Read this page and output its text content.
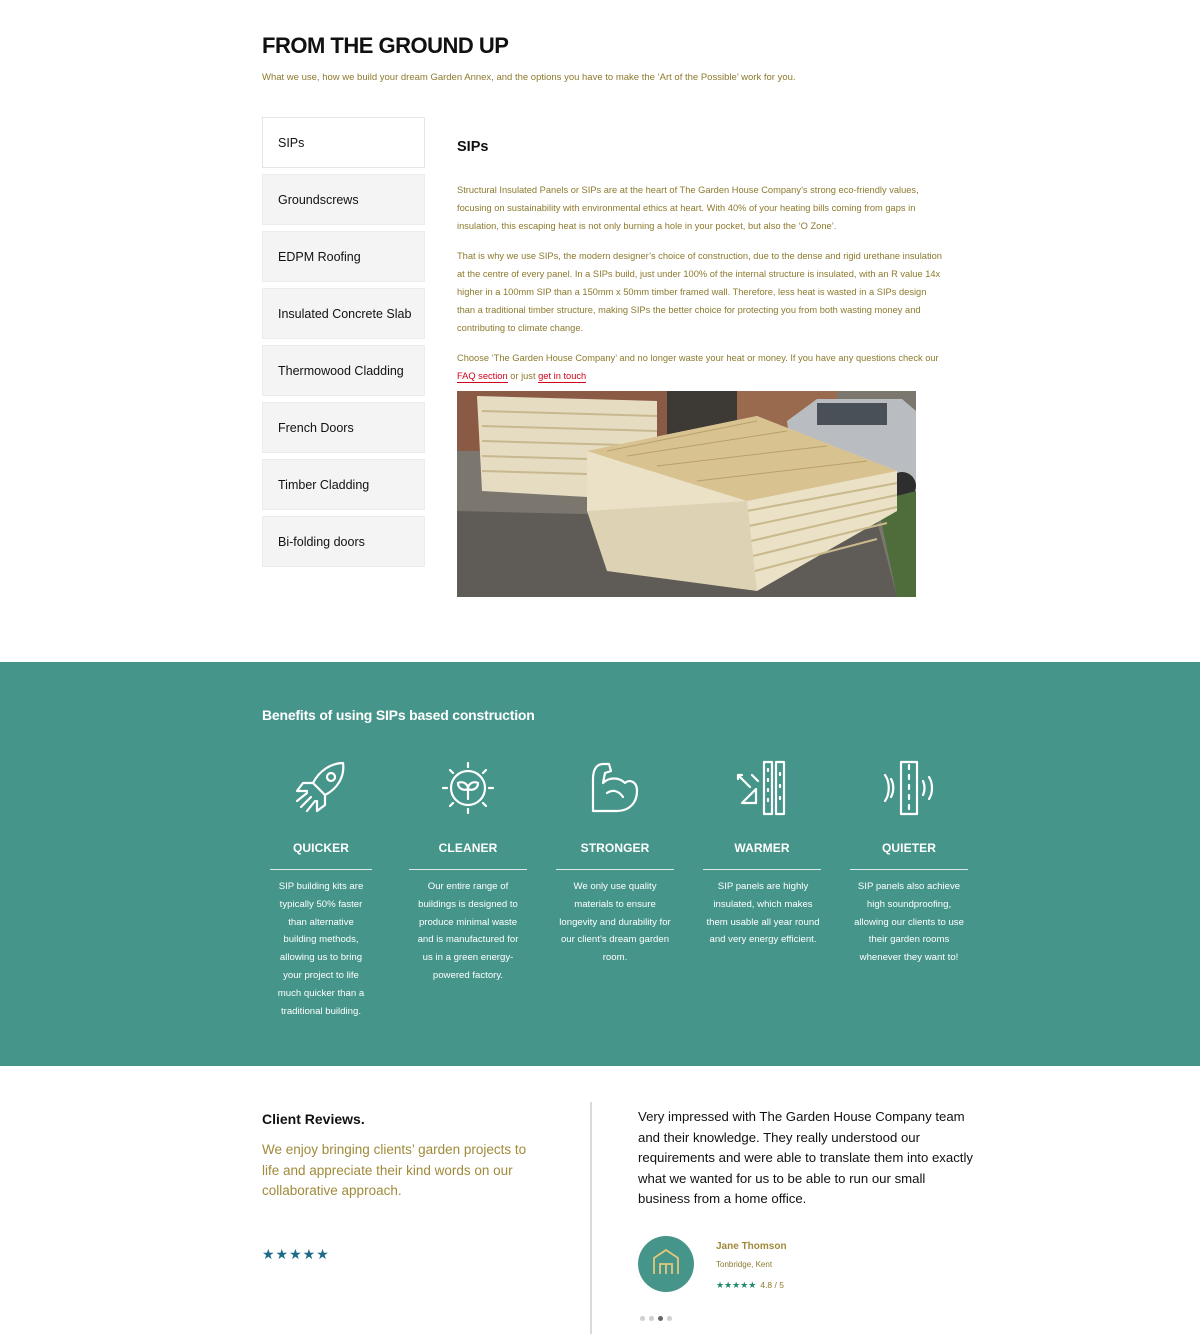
FROM THE GROUND UP
What we use, how we build your dream Garden Annex, and the options you have to make the ‘Art of the Possible’ work for you.
SIPs
Groundscrews
EDPM Roofing
Insulated Concrete Slab
Thermowood Cladding
French Doors
Timber Cladding
Bi-folding doors
SIPs

Structural Insulated Panels or SIPs are at the heart of The Garden House Company’s strong eco-friendly values, focusing on sustainability with environmental ethics at heart. With 40% of your heating bills coming from gaps in insulation, this escaping heat is not only burning a hole in your pocket, but also the ‘O Zone’.

That is why we use SIPs, the modern designer’s choice of construction, due to the dense and rigid urethane insulation at the centre of every panel. In a SIPs build, just under 100% of the internal structure is insulated, with an R value 14x higher in a 100mm SIP than a 150mm x 50mm timber framed wall. Therefore, less heat is wasted in a SIPs design than a traditional timber structure, making SIPs the better choice for protecting you from both wasting money and contributing to climate change.

Choose ‘The Garden House Company’ and no longer waste your heat or money. If you have any questions check our FAQ section or just get in touch

Benefits of using SIPs based construction
QUICKER
SIP building kits are typically 50% faster than alternative building methods, allowing us to bring your project to life much quicker than a traditional building.
CLEANER
Our entire range of buildings is designed to produce minimal waste and is manufactured for us in a green energy-powered factory.
STRONGER
We only use quality materials to ensure longevity and durability for our client’s dream garden room.
WARMER
SIP panels are highly insulated, which makes them usable all year round and very energy efficient.
QUIETER
SIP panels also achieve high soundproofing, allowing our clients to use their garden rooms whenever they want to!
Client Reviews.

We enjoy bringing clients’ garden projects to life and appreciate their kind words on our collaborative approach.

★★★★★

Very impressed with The Garden House Company team and their knowledge. They really understood our requirements and were able to translate them into exactly what we wanted for us to be able to run our small business from a home office.

Jane Thomson
Tonbridge, Kent
★★★★★ 4.8 / 5
